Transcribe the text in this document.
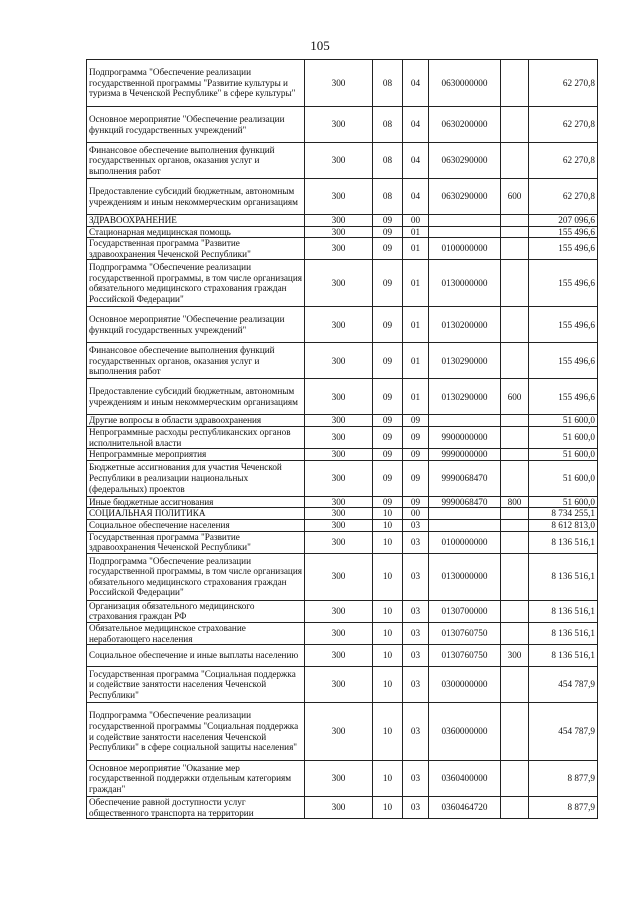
105
Подпрограмма "Обеспечение реализации государственной программы "Развитие культуры и туризма в Чеченской Республике" в сфере культуры"	300	08	04	0630000000		62 270,8
Основное мероприятие "Обеспечение реализации функций государственных учреждений"	300	08	04	0630200000		62 270,8
Финансовое обеспечение выполнения функций государственных органов, оказания услуг и выполнения работ	300	08	04	0630290000		62 270,8
Предоставление субсидий бюджетным, автономным учреждениям и иным некоммерческим организациям	300	08	04	0630290000	600	62 270,8
ЗДРАВООХРАНЕНИЕ	300	09	00			207 096,6
Стационарная медицинская помощь	300	09	01			155 496,6
Государственная программа "Развитие здравоохранения Чеченской Республики"	300	09	01	0100000000		155 496,6
Подпрограмма "Обеспечение реализации государственной программы, в том числе организация обязательного медицинского страхования граждан Российской Федерации"	300	09	01	0130000000		155 496,6
Основное мероприятие "Обеспечение реализации функций государственных учреждений"	300	09	01	0130200000		155 496,6
Финансовое обеспечение выполнения функций государственных органов, оказания услуг и выполнения работ	300	09	01	0130290000		155 496,6
Предоставление субсидий бюджетным, автономным учреждениям и иным некоммерческим организациям	300	09	01	0130290000	600	155 496,6
Другие вопросы в области здравоохранения	300	09	09			51 600,0
Непрограммные расходы республиканских органов исполнительной власти	300	09	09	9900000000		51 600,0
Непрограммные мероприятия	300	09	09	9990000000		51 600,0
Бюджетные ассигнования для участия Чеченской Республики в реализации национальных (федеральных) проектов	300	09	09	9990068470		51 600,0
Иные бюджетные ассигнования	300	09	09	9990068470	800	51 600,0
СОЦИАЛЬНАЯ ПОЛИТИКА	300	10	00			8 734 255,1
Социальное обеспечение населения	300	10	03			8 612 813,0
Государственная программа "Развитие здравоохранения Чеченской Республики"	300	10	03	0100000000		8 136 516,1
Подпрограмма "Обеспечение реализации государственной программы, в том числе организация обязательного медицинского страхования граждан Российской Федерации"	300	10	03	0130000000		8 136 516,1
Организация обязательного медицинского страхования граждан РФ	300	10	03	0130700000		8 136 516,1
Обязательное медицинское страхование неработающего населения	300	10	03	0130760750		8 136 516,1
Социальное обеспечение и иные выплаты населению	300	10	03	0130760750	300	8 136 516,1
Государственная программа "Социальная поддержка и содействие занятости населения Чеченской Республики"	300	10	03	0300000000		454 787,9
Подпрограмма "Обеспечение реализации государственной программы "Социальная поддержка и содействие занятости населения Чеченской Республики" в сфере социальной защиты населения"	300	10	03	0360000000		454 787,9
Основное мероприятие "Оказание мер государственной поддержки отдельным категориям граждан"	300	10	03	0360400000		8 877,9
Обеспечение равной доступности услуг общественного транспорта на территории	300	10	03	0360464720		8 877,9
